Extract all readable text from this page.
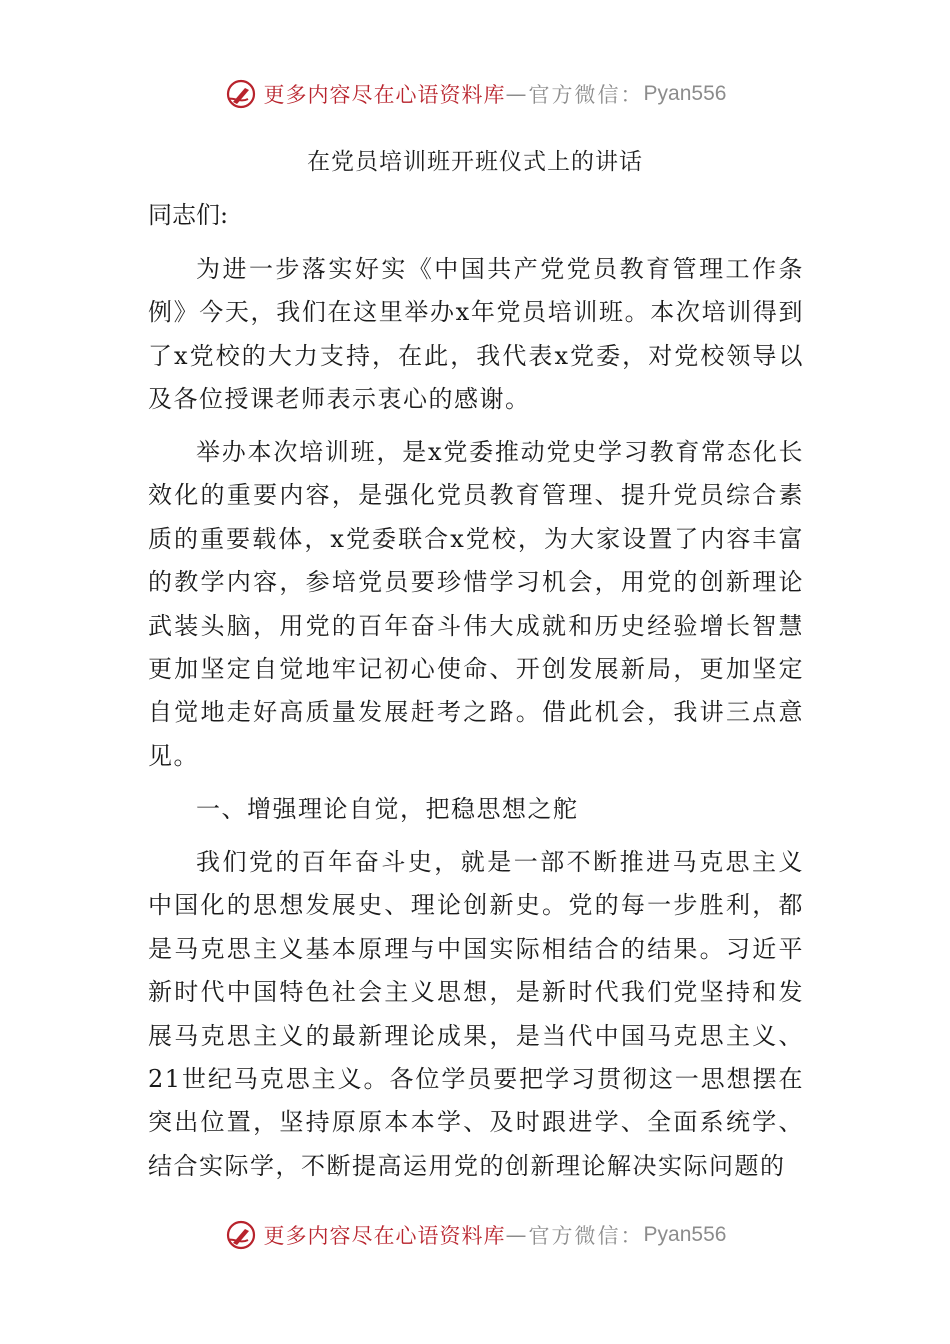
更多内容尽在心语资料库 — 官方微信： Pyan556
在党员培训班开班仪式上的讲话
同志们:

为进一步落实好实《中国共产党党员教育管理工作条例》今天，我们在这里举办x年党员培训班。本次培训得到了x党校的大力支持，在此，我代表x党委，对党校领导以及各位授课老师表示衷心的感谢。

举办本次培训班，是x党委推动党史学习教育常态化长效化的重要内容，是强化党员教育管理、提升党员综合素质的重要载体，x党委联合x党校，为大家设置了内容丰富的教学内容，参培党员要珍惜学习机会，用党的创新理论武装头脑，用党的百年奋斗伟大成就和历史经验增长智慧更加坚定自觉地牢记初心使命、开创发展新局，更加坚定自觉地走好高质量发展赶考之路。借此机会，我讲三点意见。

一、增强理论自觉，把稳思想之舵

我们党的百年奋斗史，就是一部不断推进马克思主义中国化的思想发展史、理论创新史。党的每一步胜利，都是马克思主义基本原理与中国实际相结合的结果。习近平新时代中国特色社会主义思想，是新时代我们党坚持和发展马克思主义的最新理论成果，是当代中国马克思主义、21世纪马克思主义。各位学员要把学习贯彻这一思想摆在突出位置，坚持原原本本学、及时跟进学、全面系统学、结合实际学，不断提高运用党的创新理论解决实际问题的

更多内容尽在心语资料库 — 官方微信： Pyan556
